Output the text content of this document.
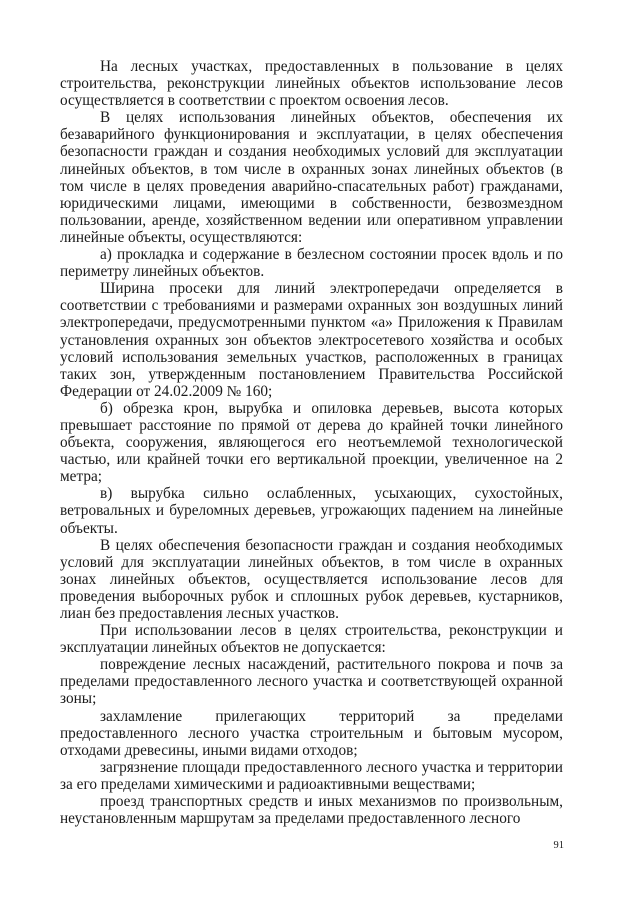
На лесных участках, предоставленных в пользование в целях строительства, реконструкции линейных объектов использование лесов осуществляется в соответствии с проектом освоения лесов.

В целях использования линейных объектов, обеспечения их безаварийного функционирования и эксплуатации, в целях обеспечения безопасности граждан и создания необходимых условий для эксплуатации линейных объектов, в том числе в охранных зонах линейных объектов (в том числе в целях проведения аварийно-спасательных работ) гражданами, юридическими лицами, имеющими в собственности, безвозмездном пользовании, аренде, хозяйственном ведении или оперативном управлении линейные объекты, осуществляются:

а) прокладка и содержание в безлесном состоянии просек вдоль и по периметру линейных объектов.

Ширина просеки для линий электропередачи определяется в соответствии с требованиями и размерами охранных зон воздушных линий электропередачи, предусмотренными пунктом «а» Приложения к Правилам установления охранных зон объектов электросетевого хозяйства и особых условий использования земельных участков, расположенных в границах таких зон, утвержденным постановлением Правительства Российской Федерации от 24.02.2009 № 160;

б) обрезка крон, вырубка и опиловка деревьев, высота которых превышает расстояние по прямой от дерева до крайней точки линейного объекта, сооружения, являющегося его неотъемлемой технологической частью, или крайней точки его вертикальной проекции, увеличенное на 2 метра;

в) вырубка сильно ослабленных, усыхающих, сухостойных, ветровальных и буреломных деревьев, угрожающих падением на линейные объекты.

В целях обеспечения безопасности граждан и создания необходимых условий для эксплуатации линейных объектов, в том числе в охранных зонах линейных объектов, осуществляется использование лесов для проведения выборочных рубок и сплошных рубок деревьев, кустарников, лиан без предоставления лесных участков.

При использовании лесов в целях строительства, реконструкции и эксплуатации линейных объектов не допускается:

повреждение лесных насаждений, растительного покрова и почв за пределами предоставленного лесного участка и соответствующей охранной зоны;

захламление прилегающих территорий за пределами предоставленного лесного участка строительным и бытовым мусором, отходами древесины, иными видами отходов;

загрязнение площади предоставленного лесного участка и территории за его пределами химическими и радиоактивными веществами;

проезд транспортных средств и иных механизмов по произвольным, неустановленным маршрутам за пределами предоставленного лесного

91
